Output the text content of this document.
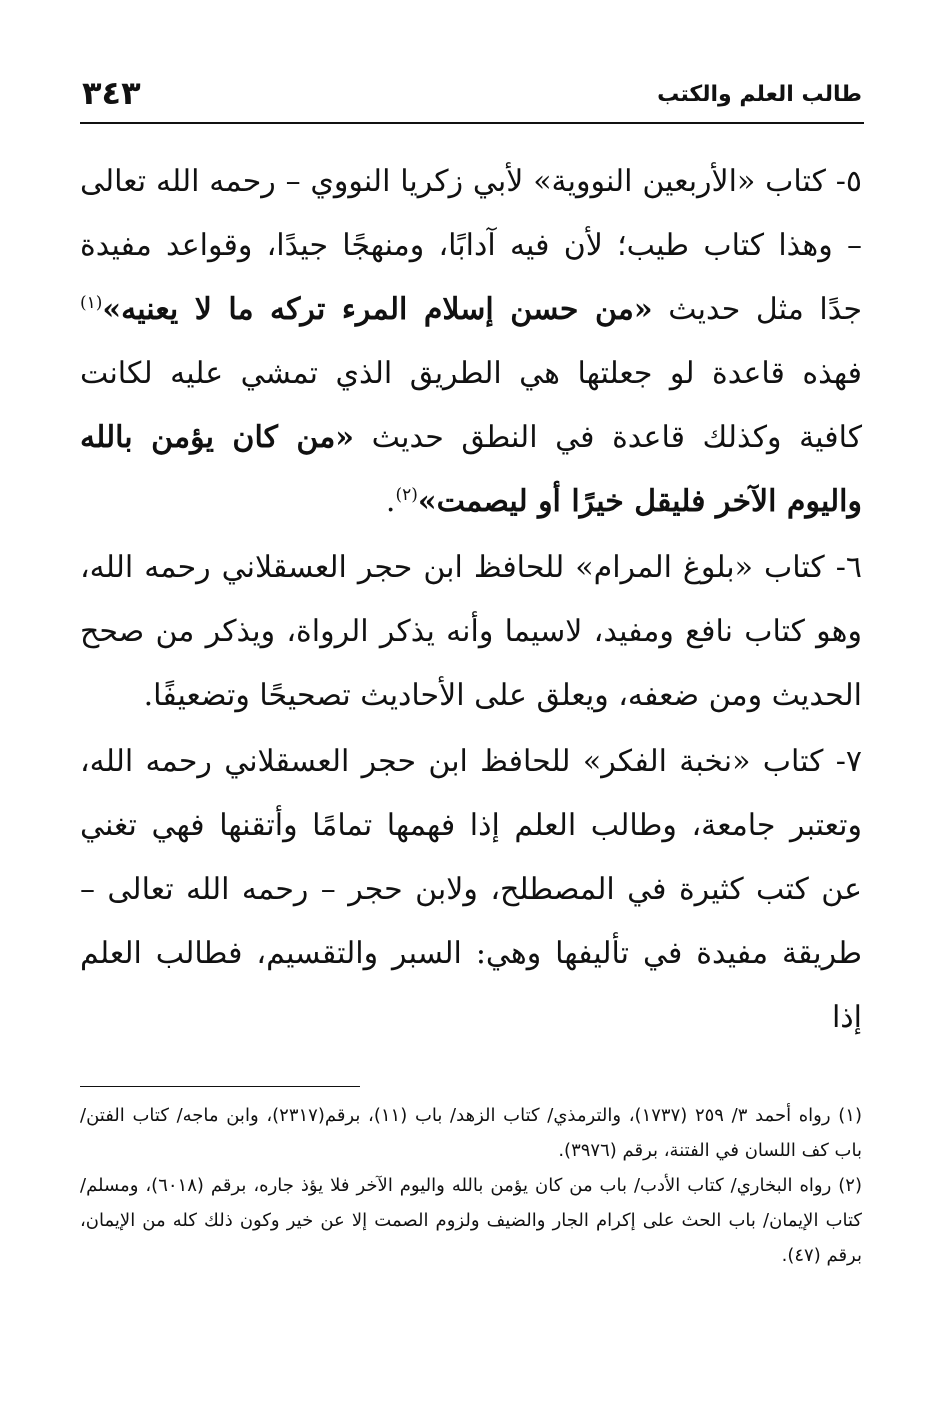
طالب العلم والكتب
٣٤٣

٥- كتاب «الأربعين النووية» لأبي زكريا النووي – رحمه الله تعالى – وهذا كتاب طيب؛ لأن فيه آدابًا، ومنهجًا جيدًا، وقواعد مفيدة جدًا مثل حديث «من حسن إسلام المرء تركه ما لا يعنيه»$^{(١)}$ فهذه قاعدة لو جعلتها هي الطريق الذي تمشي عليه لكانت كافية وكذلك قاعدة في النطق حديث «من كان يؤمن بالله واليوم الآخر فليقل خيرًا أو ليصمت»$^{(٢)}$.

٦- كتاب «بلوغ المرام» للحافظ ابن حجر العسقلاني رحمه الله، وهو كتاب نافع ومفيد، لاسيما وأنه يذكر الرواة، ويذكر من صحح الحديث ومن ضعفه، ويعلق على الأحاديث تصحيحًا وتضعيفًا.

٧- كتاب «نخبة الفكر» للحافظ ابن حجر العسقلاني رحمه الله، وتعتبر جامعة، وطالب العلم إذا فهمها تمامًا وأتقنها فهي تغني عن كتب كثيرة في المصطلح، ولابن حجر – رحمه الله تعالى – طريقة مفيدة في تأليفها وهي: السبر والتقسيم، فطالب العلم إذا

(١) رواه أحمد ٣/ ٢٥٩ (١٧٣٧)، والترمذي/ كتاب الزهد/ باب (١١)، برقم(٢٣١٧)، وابن ماجه/ كتاب الفتن/ باب كف اللسان في الفتنة، برقم (٣٩٧٦).

(٢) رواه البخاري/ كتاب الأدب/ باب من كان يؤمن بالله واليوم الآخر فلا يؤذ جاره، برقم (٦٠١٨)، ومسلم/ كتاب الإيمان/ باب الحث على إكرام الجار والضيف ولزوم الصمت إلا عن خير وكون ذلك كله من الإيمان، برقم (٤٧).
